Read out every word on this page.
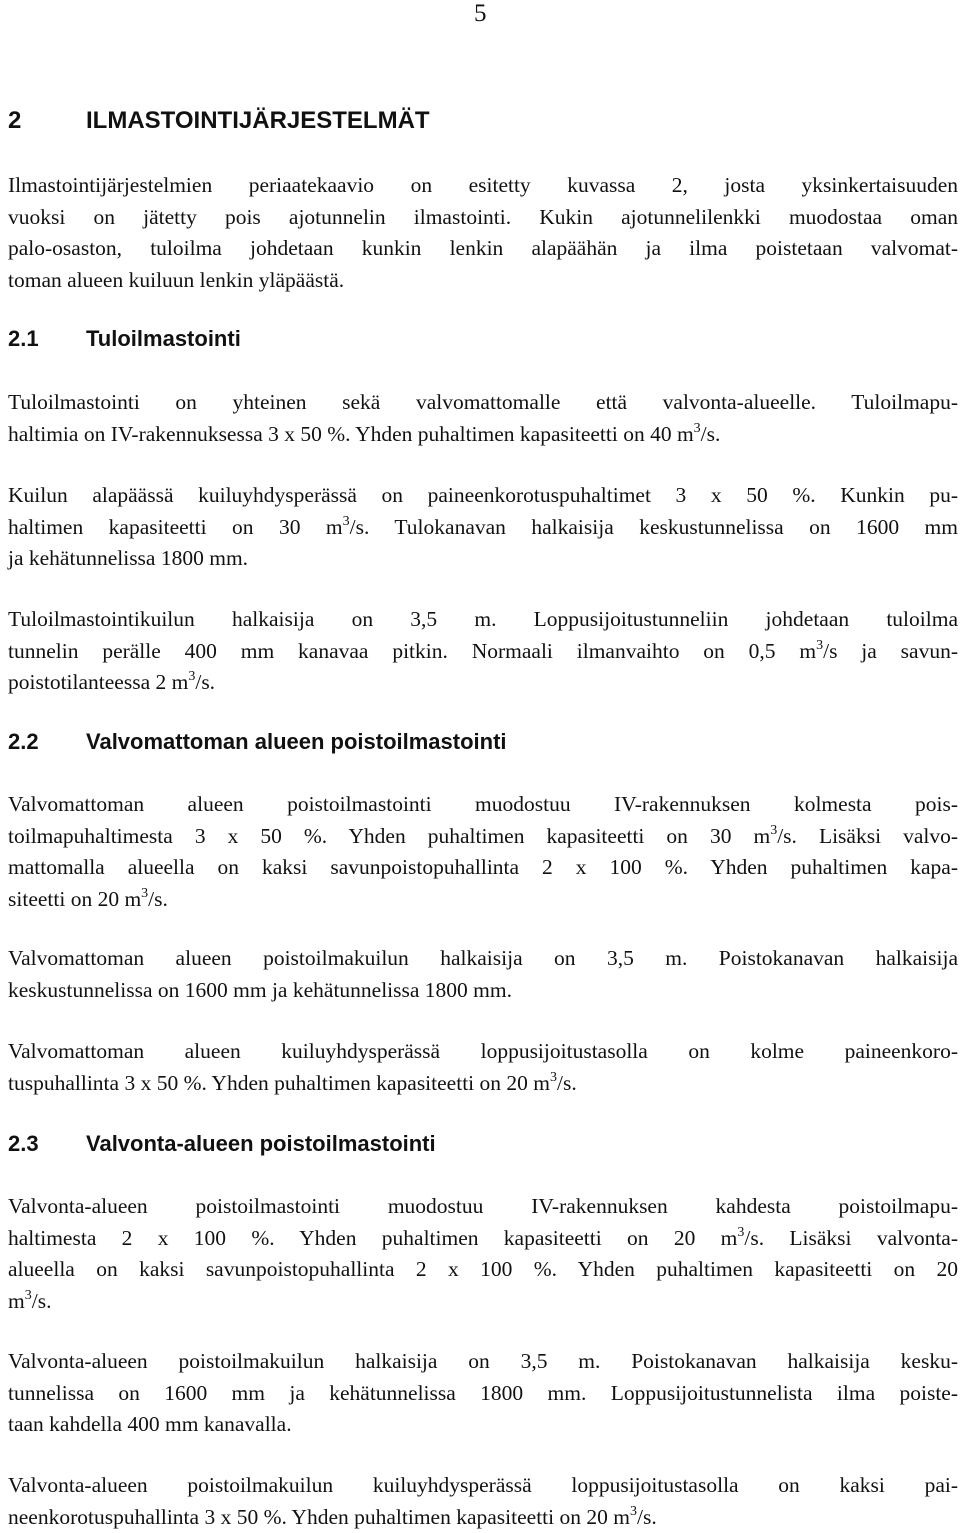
5
2	ILMASTOINTIJÄRJESTELMÄT

Ilmastointijärjestelmien periaatekaavio on esitetty kuvassa 2, josta yksinkertaisuuden
vuoksi on jätetty pois ajotunnelin ilmastointi. Kukin ajotunnelilenkki muodostaa oman
palo-osaston, tuloilma johdetaan kunkin lenkin alapäähän ja ilma poistetaan valvomat-
toman alueen kuiluun lenkin yläpäästä.

2.1 Tuloilmastointi

Tuloilmastointi on yhteinen sekä valvomattomalle että valvonta-alueelle. Tuloilmapu-
haltimia on IV-rakennuksessa 3 x 50 %. Yhden puhaltimen kapasiteetti on 40 $m^3/s$.

Kuilun alapäässä kuiluyhdysperässä on paineenkorotuspuhaltimet 3 x 50 %. Kunkin pu-
haltimen kapasiteetti on 30 $m^3/s$. Tulokanavan halkaisija keskustunnelissa on 1600 mm
ja kehätunnelissa 1800 mm.

Tuloilmastointikuilun halkaisija on 3,5 m. Loppusijoitustunneliin johdetaan tuloilma
tunnelin perälle 400 mm kanavaa pitkin. Normaali ilmanvaihto on 0,5 $m^3/s$ ja savun-
poistotilanteessa 2 $m^3/s$.

2.2 Valvomattoman alueen poistoilmastointi

Valvomattoman alueen poistoilmastointi muodostuu IV-rakennuksen kolmesta pois-
toilmapuhaltimesta 3 x 50 %. Yhden puhaltimen kapasiteetti on 30 $m^3/s$. Lisäksi valvo-
mattomalla alueella on kaksi savunpoistopuhallinta 2 x 100 %. Yhden puhaltimen kapa-
siteetti on 20 $m^3/s$.

Valvomattoman alueen poistoilmakuilun halkaisija on 3,5 m. Poistokanavan halkaisija
keskustunnelissa on 1600 mm ja kehätunnelissa 1800 mm.

Valvomattoman alueen kuiluyhdysperässä loppusijoitustasolla on kolme paineenkoro-
tuspuhallinta 3 x 50 %. Yhden puhaltimen kapasiteetti on 20 $m^3/s$.

2.3 Valvonta-alueen poistoilmastointi

Valvonta-alueen poistoilmastointi muodostuu IV-rakennuksen kahdesta poistoilmapu-
haltimesta 2 x 100 %. Yhden puhaltimen kapasiteetti on 20 $m^3/s$. Lisäksi valvonta-
alueella on kaksi savunpoistopuhallinta 2 x 100 %. Yhden puhaltimen kapasiteetti on 20
$m^3/s$.

Valvonta-alueen poistoilmakuilun halkaisija on 3,5 m. Poistokanavan halkaisija kesku-
tunnelissa on 1600 mm ja kehätunnelissa 1800 mm. Loppusijoitustunnelista ilma poiste-
taan kahdella 400 mm kanavalla.

Valvonta-alueen poistoilmakuilun kuiluyhdysperässä loppusijoitustasolla on kaksi pai-
neenkorotuspuhallinta 3 x 50 %. Yhden puhaltimen kapasiteetti on 20 $m^3/s$.
